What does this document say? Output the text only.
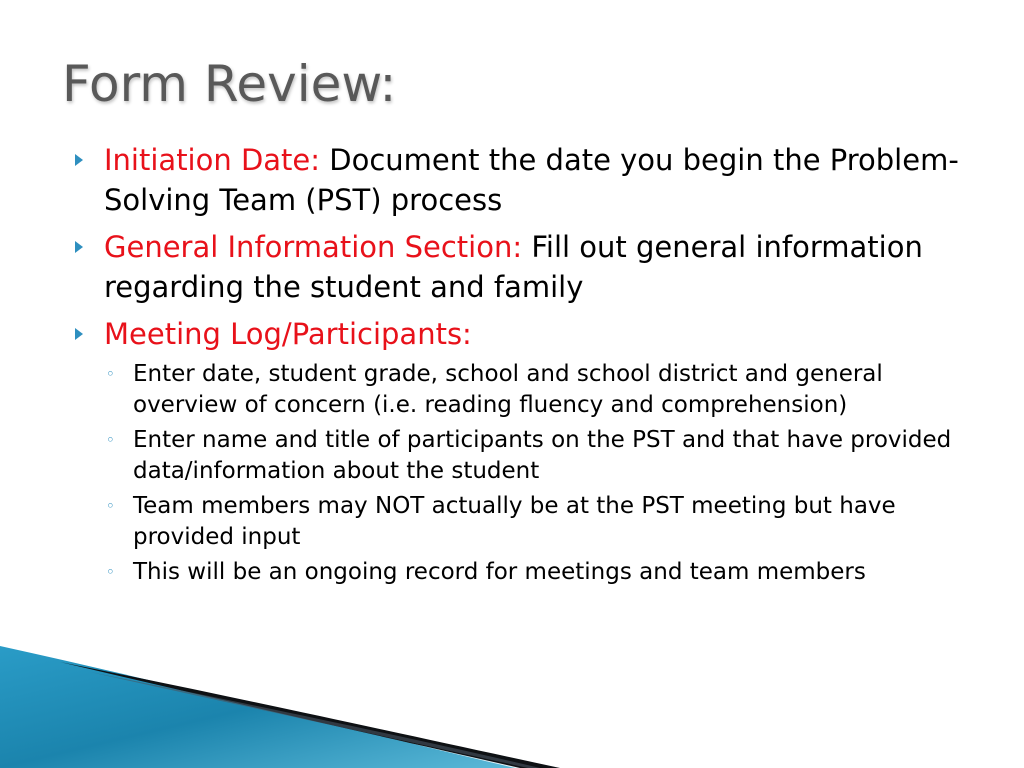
Form Review:
Initiation Date: Document the date you begin the Problem-Solving Team (PST) process
General Information Section: Fill out general information regarding the student and family
Meeting Log/Participants:
◦ Enter date, student grade, school and school district and general overview of concern (i.e. reading fluency and comprehension)
◦ Enter name and title of participants on the PST and that have provided data/information about the student
◦ Team members may NOT actually be at the PST meeting but have provided input
◦ This will be an ongoing record for meetings and team members
